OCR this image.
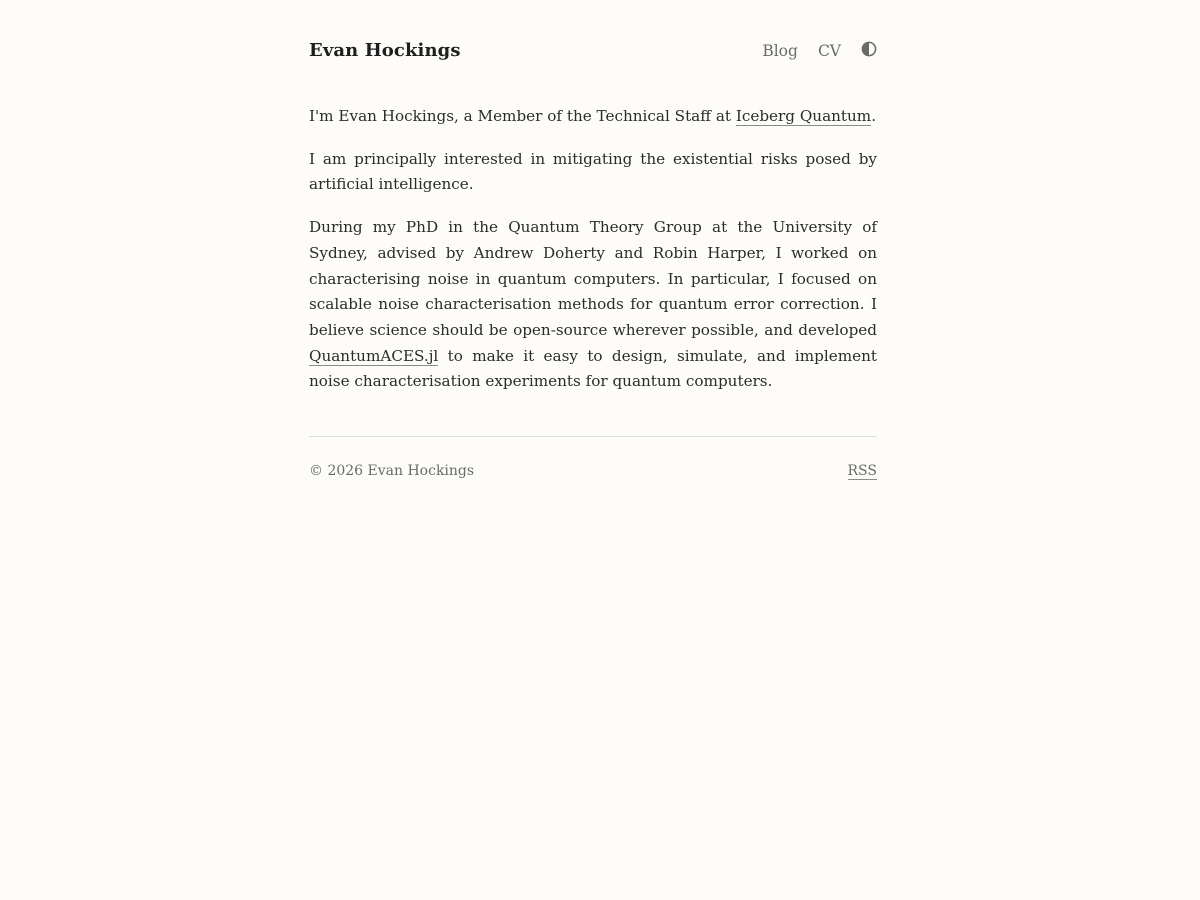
Evan Hockings	Blog CV

I'm Evan Hockings, a Member of the Technical Staff at Iceberg Quantum.

I am principally interested in mitigating the existential risks posed by artificial intelligence.

During my PhD in the Quantum Theory Group at the University of Sydney, advised by Andrew Doherty and Robin Harper, I worked on characterising noise in quantum computers. In particular, I focused on scalable noise characterisation methods for quantum error correction. I believe science should be open-source wherever possible, and developed QuantumACES.jl to make it easy to design, simulate, and implement noise characterisation experiments for quantum computers.

© 2026 Evan Hockings	RSS
